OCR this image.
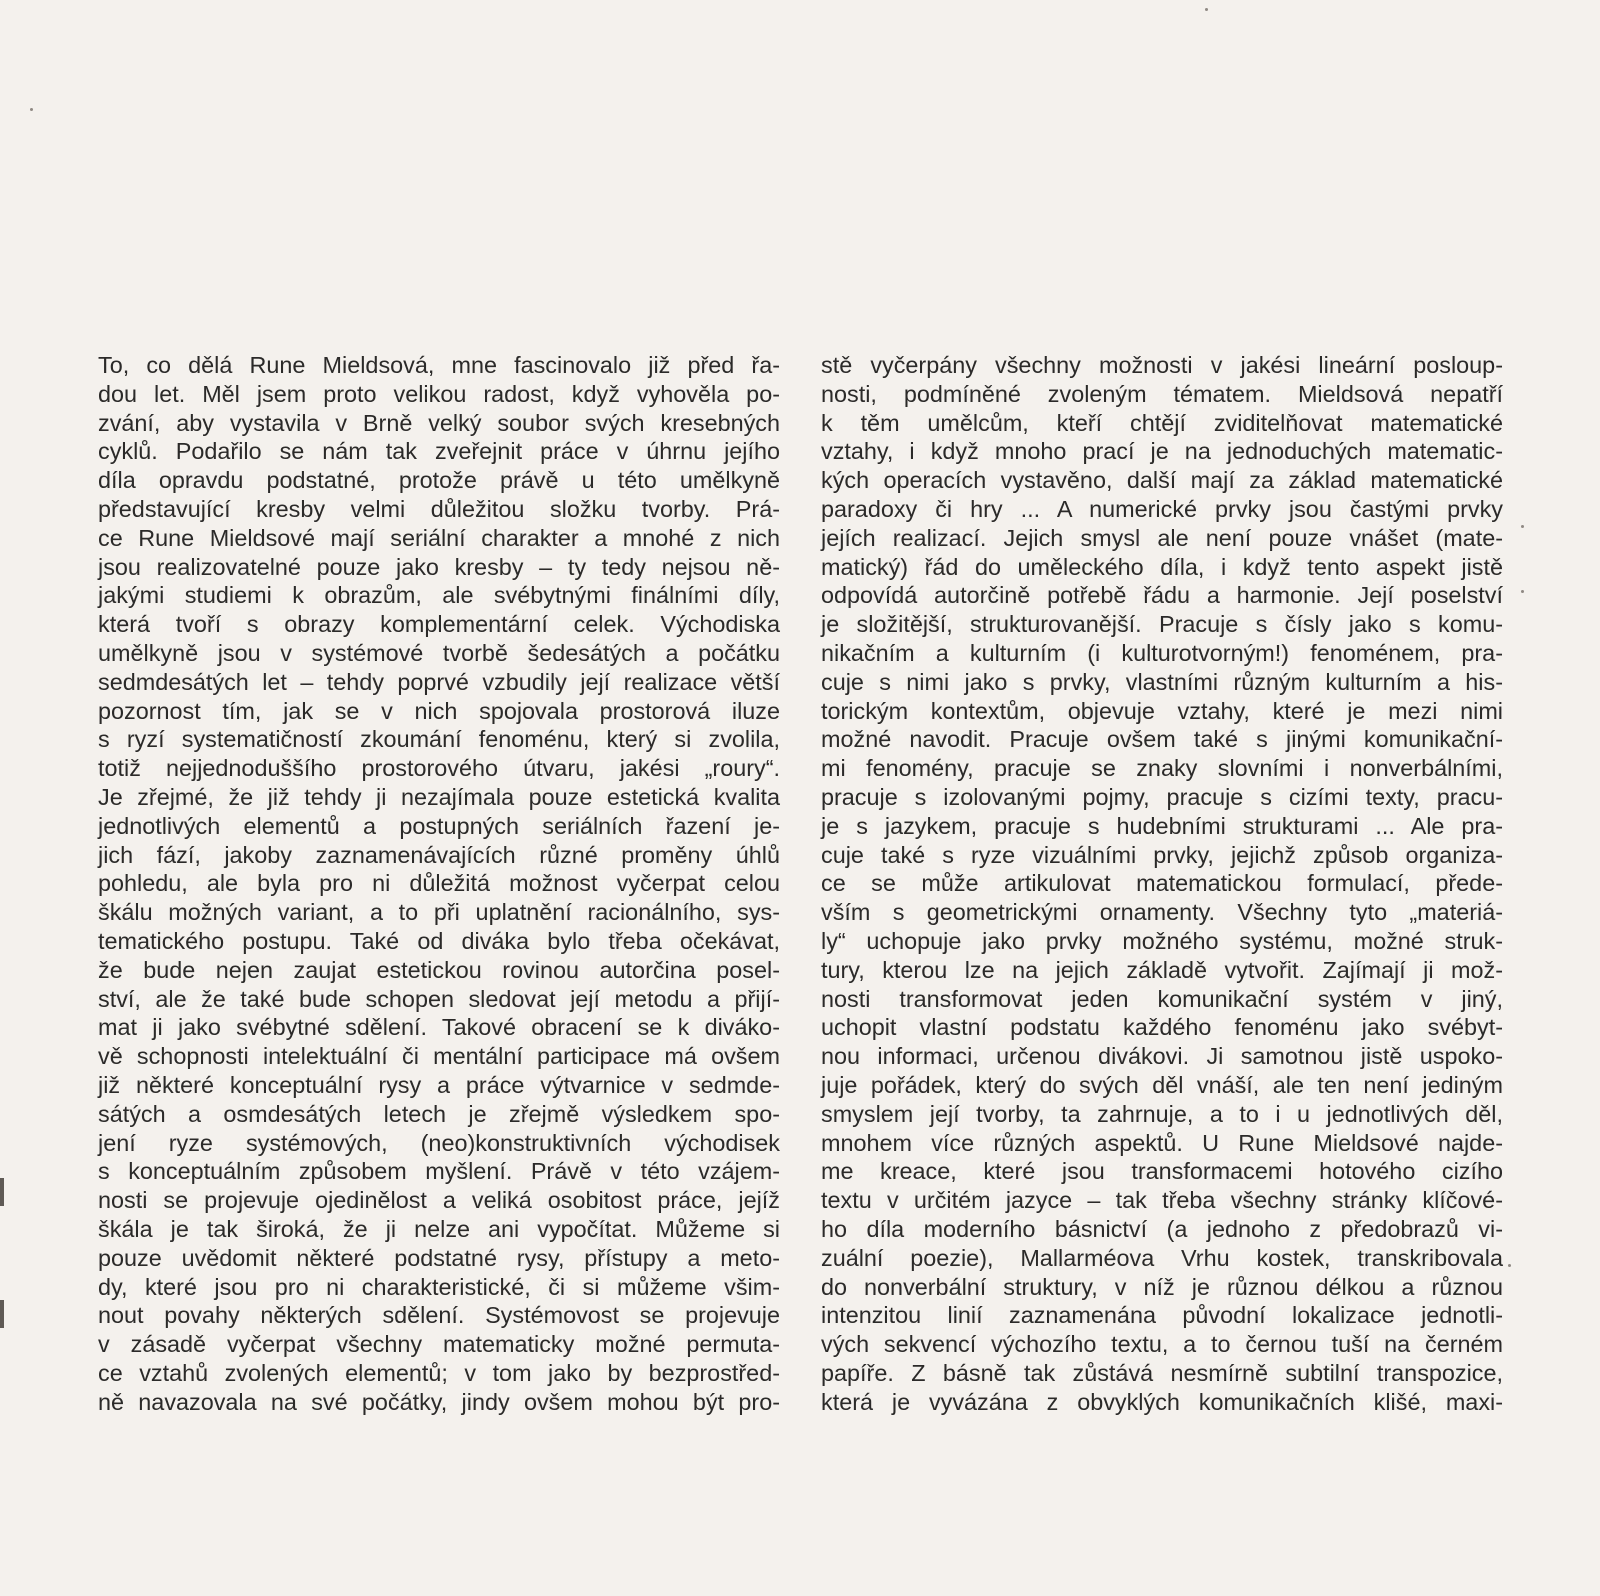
To, co dělá Rune Mieldsová, mne fascinovalo již před řa-
dou let. Měl jsem proto velikou radost, když vyhověla po-
zvání, aby vystavila v Brně velký soubor svých kresebných
cyklů. Podařilo se nám tak zveřejnit práce v úhrnu jejího
díla opravdu podstatné, protože právě u této umělkyně
představující kresby velmi důležitou složku tvorby. Prá-
ce Rune Mieldsové mají seriální charakter a mnohé z nich
jsou realizovatelné pouze jako kresby – ty tedy nejsou ně-
jakými studiemi k obrazům, ale svébytnými finálními díly,
která tvoří s obrazy komplementární celek. Východiska
umělkyně jsou v systémové tvorbě šedesátých a počátku
sedmdesátých let – tehdy poprvé vzbudily její realizace větší
pozornost tím, jak se v nich spojovala prostorová iluze
s ryzí systematičností zkoumání fenoménu, který si zvolila,
totiž nejjednoduššího prostorového útvaru, jakési „roury“.
Je zřejmé, že již tehdy ji nezajímala pouze estetická kvalita
jednotlivých elementů a postupných seriálních řazení je-
jich fází, jakoby zaznamenávajících různé proměny úhlů
pohledu, ale byla pro ni důležitá možnost vyčerpat celou
škálu možných variant, a to při uplatnění racionálního, sys-
tematického postupu. Také od diváka bylo třeba očekávat,
že bude nejen zaujat estetickou rovinou autorčina posel-
ství, ale že také bude schopen sledovat její metodu a přijí-
mat ji jako svébytné sdělení. Takové obracení se k diváko-
vě schopnosti intelektuální či mentální participace má ovšem
již některé konceptuální rysy a práce výtvarnice v sedmde-
sátých a osmdesátých letech je zřejmě výsledkem spo-
jení ryze systémových, (neo)konstruktivních východisek
s konceptuálním způsobem myšlení. Právě v této vzájem-
nosti se projevuje ojedinělost a veliká osobitost práce, jejíž
škála je tak široká, že ji nelze ani vypočítat. Můžeme si
pouze uvědomit některé podstatné rysy, přístupy a meto-
dy, které jsou pro ni charakteristické, či si můžeme všim-
nout povahy některých sdělení. Systémovost se projevuje
v zásadě vyčerpat všechny matematicky možné permuta-
ce vztahů zvolených elementů; v tom jako by bezprostřed-
ně navazovala na své počátky, jindy ovšem mohou být pro-
stě vyčerpány všechny možnosti v jakési lineární posloup-
nosti, podmíněné zvoleným tématem. Mieldsová nepatří
k těm umělcům, kteří chtějí zviditelňovat matematické
vztahy, i když mnoho prací je na jednoduchých matematic-
kých operacích vystavěno, další mají za základ matematické
paradoxy či hry ... A numerické prvky jsou častými prvky
jejích realizací. Jejich smysl ale není pouze vnášet (mate-
matický) řád do uměleckého díla, i když tento aspekt jistě
odpovídá autorčině potřebě řádu a harmonie. Její poselství
je složitější, strukturovanější. Pracuje s čísly jako s komu-
nikačním a kulturním (i kulturotvorným!) fenoménem, pra-
cuje s nimi jako s prvky, vlastními různým kulturním a his-
torickým kontextům, objevuje vztahy, které je mezi nimi
možné navodit. Pracuje ovšem také s jinými komunikační-
mi fenomény, pracuje se znaky slovními i nonverbálními,
pracuje s izolovanými pojmy, pracuje s cizími texty, pracu-
je s jazykem, pracuje s hudebními strukturami ... Ale pra-
cuje také s ryze vizuálními prvky, jejichž způsob organiza-
ce se může artikulovat matematickou formulací, přede-
vším s geometrickými ornamenty. Všechny tyto „materiá-
ly“ uchopuje jako prvky možného systému, možné struk-
tury, kterou lze na jejich základě vytvořit. Zajímají ji mož-
nosti transformovat jeden komunikační systém v jiný,
uchopit vlastní podstatu každého fenoménu jako svébyt-
nou informaci, určenou divákovi. Ji samotnou jistě uspoko-
juje pořádek, který do svých děl vnáší, ale ten není jediným
smyslem její tvorby, ta zahrnuje, a to i u jednotlivých děl,
mnohem více různých aspektů. U Rune Mieldsové najde-
me kreace, které jsou transformacemi hotového cizího
textu v určitém jazyce – tak třeba všechny stránky klíčové-
ho díla moderního básnictví (a jednoho z předobrazů vi-
zuální poezie), Mallarméova Vrhu kostek, transkribovala
do nonverbální struktury, v níž je různou délkou a různou
intenzitou linií zaznamenána původní lokalizace jednotli-
vých sekvencí výchozího textu, a to černou tuší na černém
papíře. Z básně tak zůstává nesmírně subtilní transpozice,
která je vyvázána z obvyklých komunikačních klišé, maxi-
